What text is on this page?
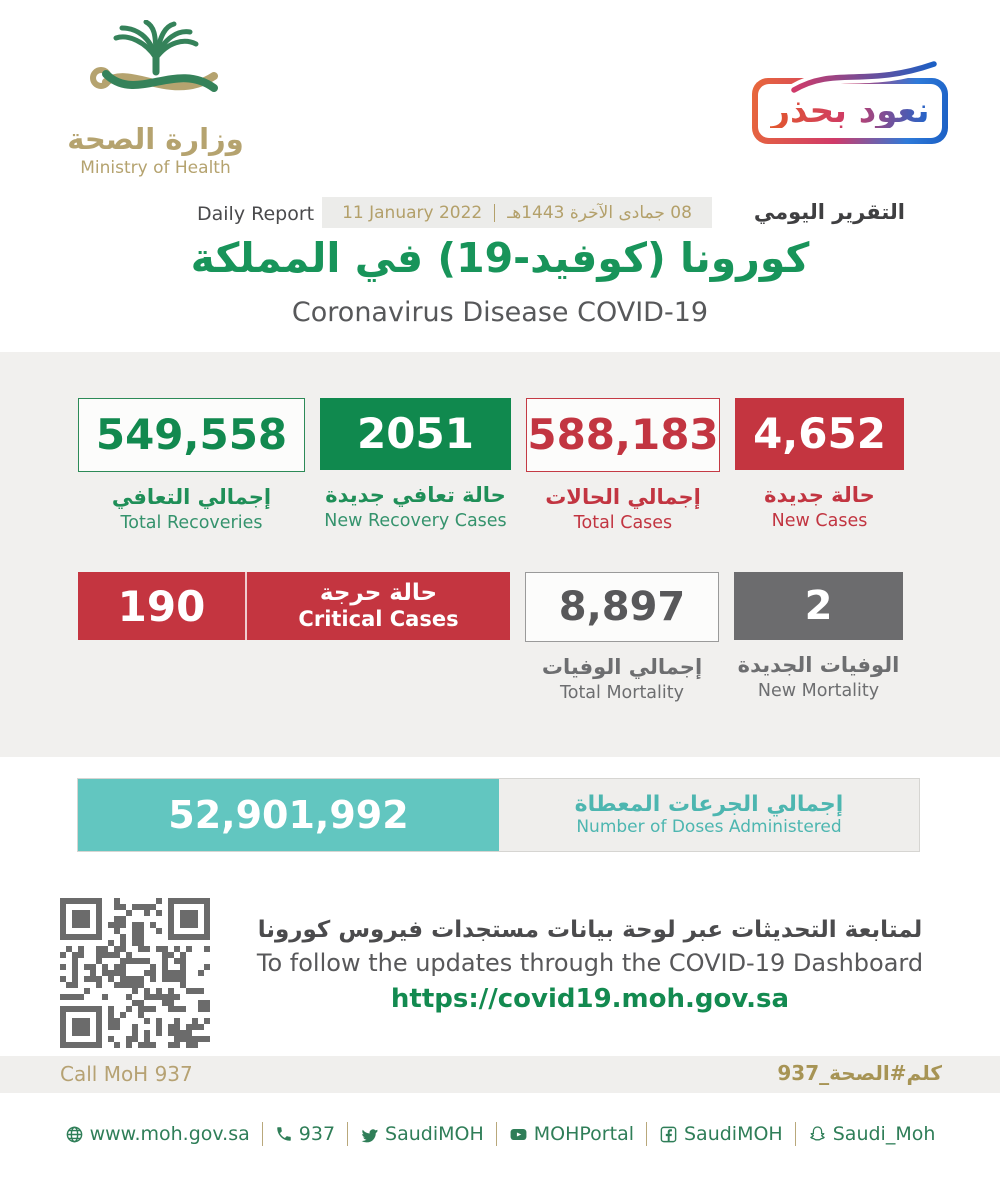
وزارة الصحة
Ministry of Health
نعود بحذر
Daily Report 11 January 2022 08 جمادى الآخرة 1443هـ	التقرير اليومي
كورونا (كوفيد-19) في المملكة
Coronavirus Disease COVID-19
549,558
إجمالي التعافي
Total Recoveries
2051
حالة تعافي جديدة
New Recovery Cases
588,183
إجمالي الحالات
Total Cases
4,652
حالة جديدة
New Cases
190	حالة حرجة
Critical Cases	8,897
إجمالي الوفيات
Total Mortality
2
الوفيات الجديدة
New Mortality
52,901,992	إجمالي الجرعات المعطاة
Number of Doses Administered
لمتابعة التحديثات عبر لوحة بيانات مستجدات فيروس كورونا
To follow the updates through the COVID-19 Dashboard
https://covid19.moh.gov.sa
Call MoH 937	كلم#الصحة_937
www.moh.gov.sa	937	SaudiMOH	MOHPortal	SaudiMOH	Saudi_Moh
